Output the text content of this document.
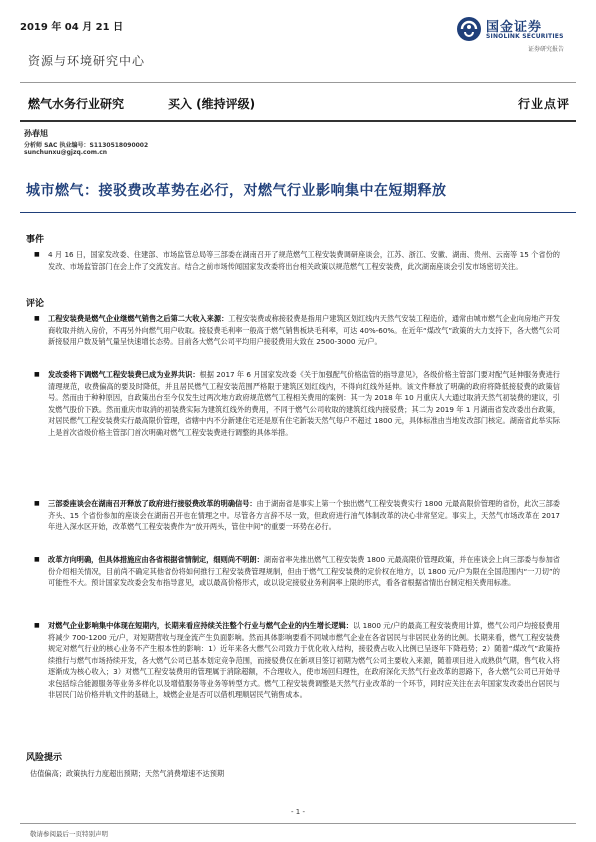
2019 年 04 月 21 日	国金证券
SINOLINK SECURITIES
证券研究报告
资源与环境研究中心
燃气水务行业研究	买入 (维持评级)	行业点评
孙春旭
分析师 SAC 执业编号：S1130518090002
sunchunxu@gjzq.com.cn
城市燃气：接驳费改革势在必行，对燃气行业影响集中在短期释放
事件
■ 4 月 16 日，国家发改委、住建部、市场监管总局等三部委在湖南召开了规范燃气工程安装费调研座谈会，江苏、浙江、安徽、湖南、贵州、云南等 15 个省份的发改、市场监管部门在会上作了交流发言。结合之前市场传闻国家发改委将出台相关政策以规范燃气工程安装费，此次湖南座谈会引发市场密切关注。
评论
■ 工程安装费是燃气企业继燃气销售之后第二大收入来源：工程安装费或称接驳费是指用户建筑区划红线内天然气安装工程造价，通常由城市燃气企业向房地产开发商收取并纳入房价，不再另外向燃气用户收取。接驳费毛利率一般高于燃气销售板块毛利率，可达 40%-60%。在近年“煤改气”政策的大力支持下，各大燃气公司新接驳用户数及销气量呈快速增长态势。目前各大燃气公司平均用户接驳费用大致在 2500-3000 元/户。
■ 发改委将下调燃气工程安装费已成为业界共识：根据 2017 年 6 月国家发改委《关于加强配气价格监管的指导意见》，各级价格主管部门要对配气延伸服务费进行清理规范，收费偏高的要及时降低，并且居民燃气工程安装范围严格限于建筑区划红线内，不得向红线外延伸。该文件释放了明确的政府将降低接驳费的政策信号。然而由于种种原因，自政策出台至今仅发生过两次地方政府规范燃气工程相关费用的案例：其一为 2018 年 10 月重庆人大通过取消天然气初装费的建议，引发燃气股价下跌。然而重庆市取消的初装费实际为建筑红线外的费用，不同于燃气公司收取的建筑红线内接驳费；其二为 2019 年 1 月湖南省发改委出台政策，对居民燃气工程安装费实行最高限价管理，省辖中内不分新建住宅还是原有住宅新装天然气每户不超过 1800 元，具体标准由当地发改部门核定。湖南省此举实际上是首次省级价格主管部门首次明确对燃气工程安装费进行调整的具体举措。
■ 三部委座谈会在湖南召开释放了政府进行接驳费改革的明确信号：由于湖南省是事实上第一个独出燃气工程安装费实行 1800 元最高限价管理的省份，此次三部委齐头、15 个省份参加的座谈会在湖南召开也在情理之中。尽管各方言辞不尽一致，但政府进行油气体制改革的决心非常坚定。事实上，天然气市场改革在 2017 年进入深水区开始，改革燃气工程安装费作为“放开两头，管住中间”的重要一环势在必行。
■ 改革方向明确，但具体措施应由各省根据省情制定，细则尚不明朗：湖南省率先推出燃气工程安装费 1800 元最高限价管理政策，并在座谈会上向三部委与参加省份介绍相关情况，目前尚不确定其他省份将如何推行工程安装费管理规制，但由于燃气工程安装费的定价权在地方，以 1800 元/户为限在全国范围内“一刀切”的可能性不大。预计国家发改委会发布指导意见，或以最高价格形式，或以设定接驳业务利润率上限的形式，看各省根据省情出台制定相关费用标准。
■ 对燃气企业影响集中体现在短期内，长期来看应持续关注整个行业与燃气企业的内生增长逻辑：以 1800 元/户的最高工程安装费用计算，燃气公司户均接驳费用将减少 700-1200 元/户，对短期营收与现金流产生负面影响。然而具体影响要看不同城市燃气企业在各省居民与非居民业务的比例。长期来看，燃气工程安装费规定对燃气行业的核心业务不产生根本性的影响：1）近年来各大燃气公司致力于优化收入结构，接驳费占收入比例已呈逐年下降趋势；2）随着“煤改气”政策持续推行与燃气市场持续开发，各大燃气公司已基本划定竞争范围，而接驳费仅在新项目签订初期为燃气公司主要收入来源，随着项目进入成熟供气期，售气收入将逐渐成为核心收入；3）对燃气工程安装费用的管理属于消除超额，不合理收入，使市场回归理性，在政府深化天然气行业改革的思路下，各大燃气公司已开始寻求包括综合能源服务等业务多样化以及增值服务等业务等转型方式。燃气工程安装费调整是天然气行业改革的一个环节，同时应关注在去年国家发改委出台居民与非居民门站价格并轨文件的基础上，城燃企业是否可以借机理顺居民气销售成本。
风险提示
估值偏高；政策执行力度超出预期；天然气消费增速不达预期
- 1 -
敬请参阅最后一页特别声明
